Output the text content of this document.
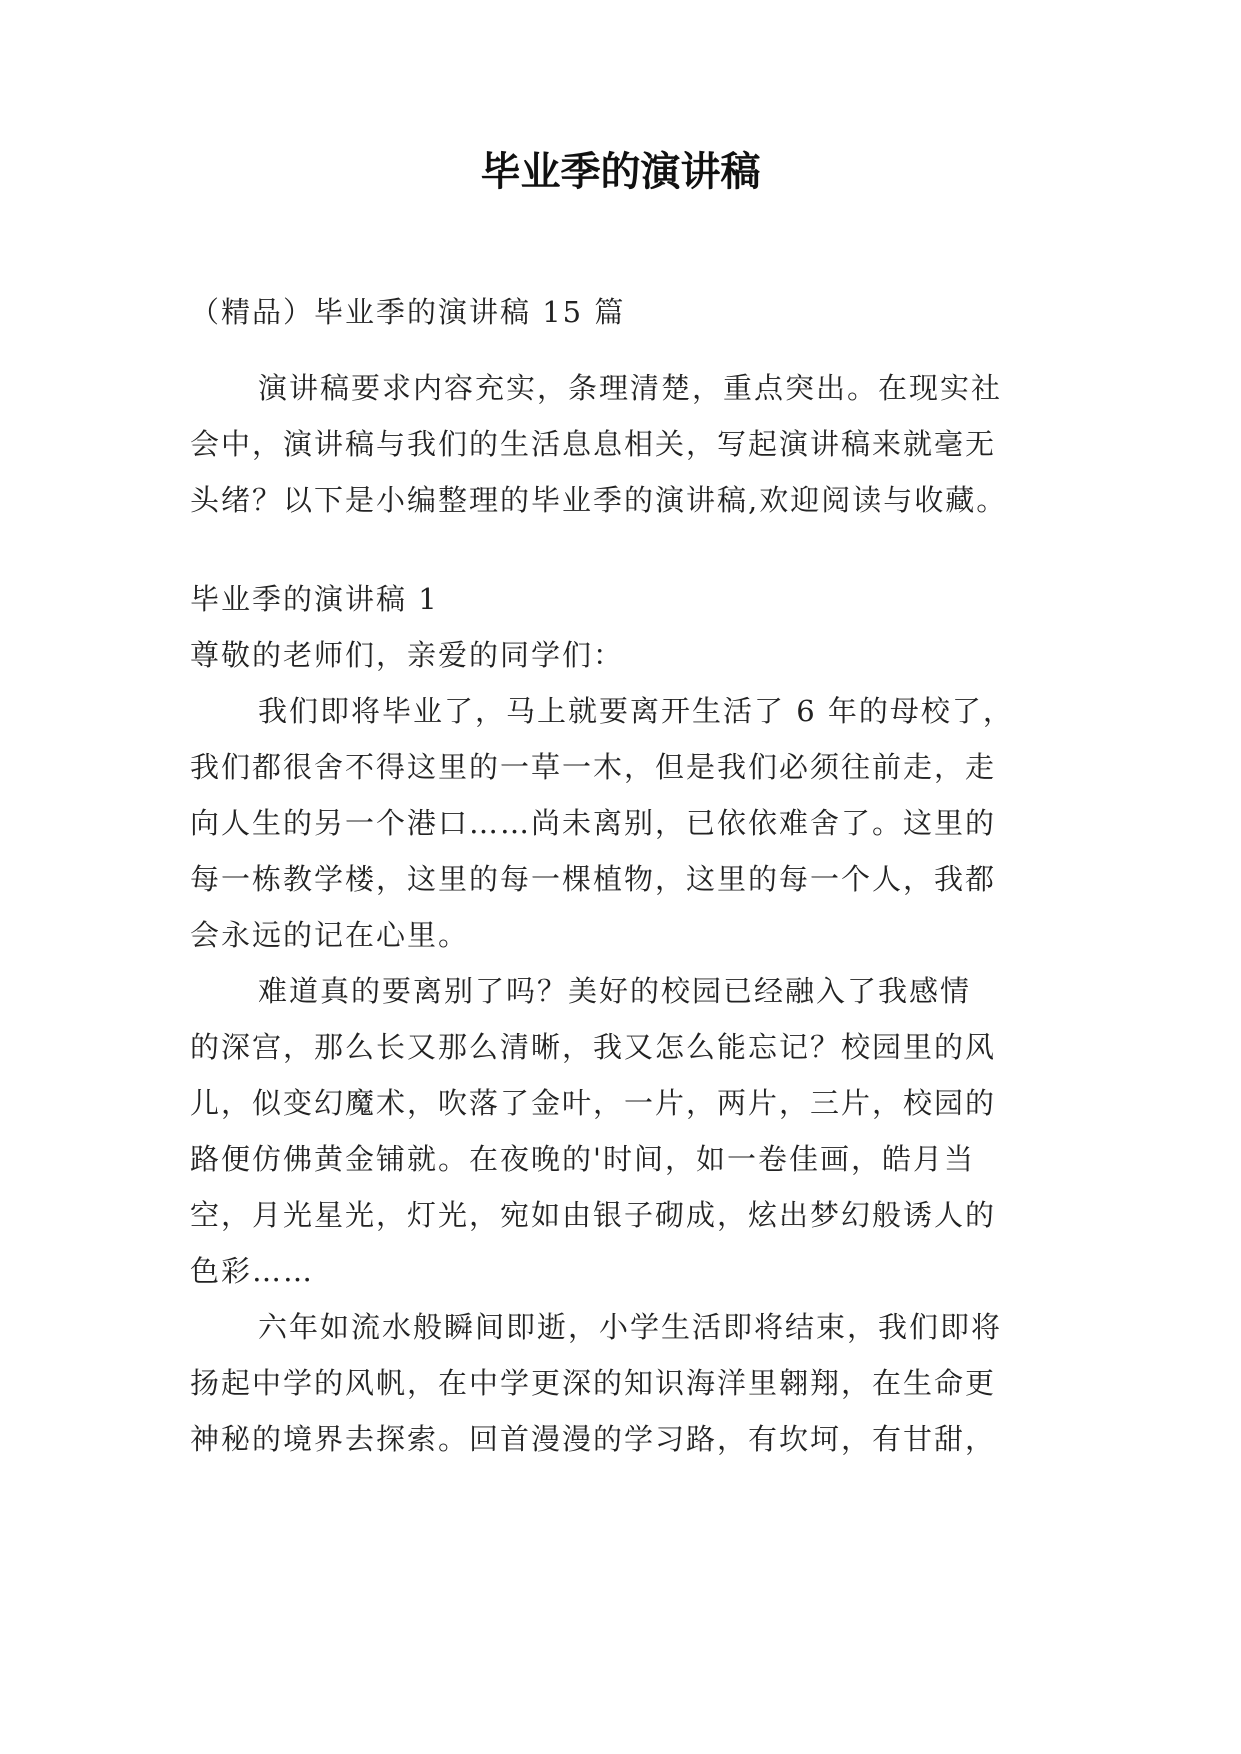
毕业季的演讲稿
（精品）毕业季的演讲稿 15 篇
演讲稿要求内容充实，条理清楚，重点突出。在现实社
会中，演讲稿与我们的生活息息相关，写起演讲稿来就毫无
头绪？以下是小编整理的毕业季的演讲稿,欢迎阅读与收藏。
毕业季的演讲稿 1
尊敬的老师们，亲爱的同学们：
我们即将毕业了，马上就要离开生活了 6 年的母校了，
我们都很舍不得这里的一草一木，但是我们必须往前走，走
向人生的另一个港口……尚未离别，已依依难舍了。这里的
每一栋教学楼，这里的每一棵植物，这里的每一个人，我都
会永远的记在心里。
难道真的要离别了吗？美好的校园已经融入了我感情
的深宫，那么长又那么清晰，我又怎么能忘记？校园里的风
儿，似变幻魔术，吹落了金叶，一片，两片，三片，校园的
路便仿佛黄金铺就。在夜晚的'时间，如一卷佳画，皓月当
空，月光星光，灯光，宛如由银子砌成，炫出梦幻般诱人的
色彩……
六年如流水般瞬间即逝，小学生活即将结束，我们即将
扬起中学的风帆，在中学更深的知识海洋里翱翔，在生命更
神秘的境界去探索。回首漫漫的学习路，有坎坷，有甘甜，
